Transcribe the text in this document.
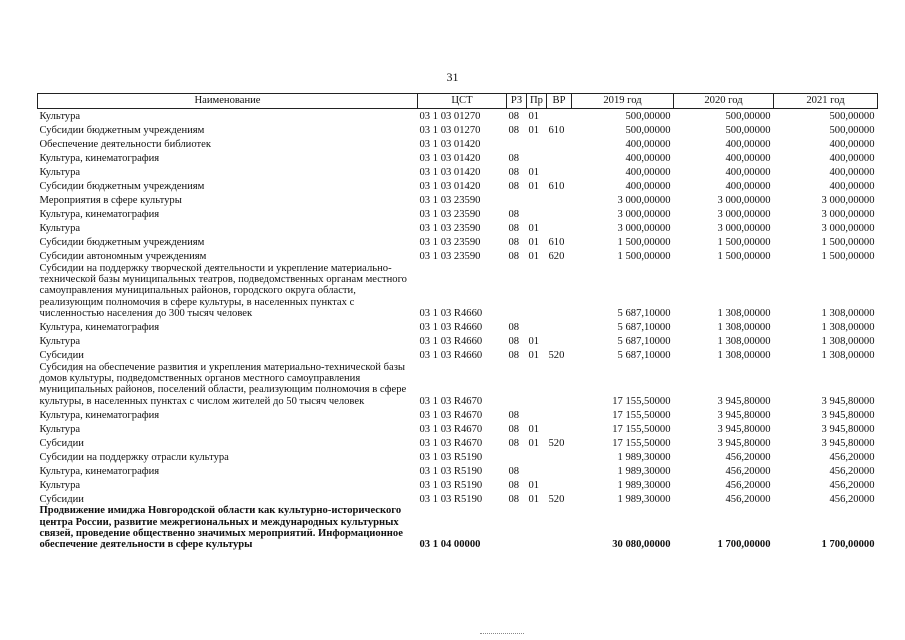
31
Наименование	ЦСТ	РЗ	Пр	ВР	2019 год	2020 год	2021 год
Культура	03 1 03 01270	08	01		500,00000	500,00000	500,00000
Субсидии бюджетным учреждениям	03 1 03 01270	08	01	610	500,00000	500,00000	500,00000
Обеспечение деятельности библиотек	03 1 03 01420				400,00000	400,00000	400,00000
Культура, кинематография	03 1 03 01420	08			400,00000	400,00000	400,00000
Культура	03 1 03 01420	08	01		400,00000	400,00000	400,00000
Субсидии бюджетным учреждениям	03 1 03 01420	08	01	610	400,00000	400,00000	400,00000
Мероприятия в сфере культуры	03 1 03 23590				3 000,00000	3 000,00000	3 000,00000
Культура, кинематография	03 1 03 23590	08			3 000,00000	3 000,00000	3 000,00000
Культура	03 1 03 23590	08	01		3 000,00000	3 000,00000	3 000,00000
Субсидии бюджетным учреждениям	03 1 03 23590	08	01	610	1 500,00000	1 500,00000	1 500,00000
Субсидии автономным учреждениям	03 1 03 23590	08	01	620	1 500,00000	1 500,00000	1 500,00000
Субсидии на поддержку творческой деятельности и укрепление материально-технической базы муниципальных театров, подведомственных органам местного самоуправления муниципальных районов, городского округа области, реализующим полномочия в сфере культуры, в населенных пунктах с численностью населения до 300 тысяч человек	03 1 03 R4660				5 687,10000	1 308,00000	1 308,00000
Культура, кинематография	03 1 03 R4660	08			5 687,10000	1 308,00000	1 308,00000
Культура	03 1 03 R4660	08	01		5 687,10000	1 308,00000	1 308,00000
Субсидии	03 1 03 R4660	08	01	520	5 687,10000	1 308,00000	1 308,00000
Субсидия на обеспечение развития и укрепления материально-технической базы домов культуры, подведомственных органов местного самоуправления муниципальных районов, поселений области, реализующим полномочия в сфере культуры, в населенных пунктах с числом жителей до 50 тысяч человек	03 1 03 R4670				17 155,50000	3 945,80000	3 945,80000
Культура, кинематография	03 1 03 R4670	08			17 155,50000	3 945,80000	3 945,80000
Культура	03 1 03 R4670	08	01		17 155,50000	3 945,80000	3 945,80000
Субсидии	03 1 03 R4670	08	01	520	17 155,50000	3 945,80000	3 945,80000
Субсидии на поддержку отрасли культура	03 1 03 R5190				1 989,30000	456,20000	456,20000
Культура, кинематография	03 1 03 R5190	08			1 989,30000	456,20000	456,20000
Культура	03 1 03 R5190	08	01		1 989,30000	456,20000	456,20000
Субсидии	03 1 03 R5190	08	01	520	1 989,30000	456,20000	456,20000
Продвижение имиджа Новгородской области как культурно-исторического центра России, развитие межрегиональных и международных культурных связей, проведение общественно значимых мероприятий. Информационное обеспечение деятельности в сфере культуры	03 1 04 00000				30 080,00000	1 700,00000	1 700,00000
